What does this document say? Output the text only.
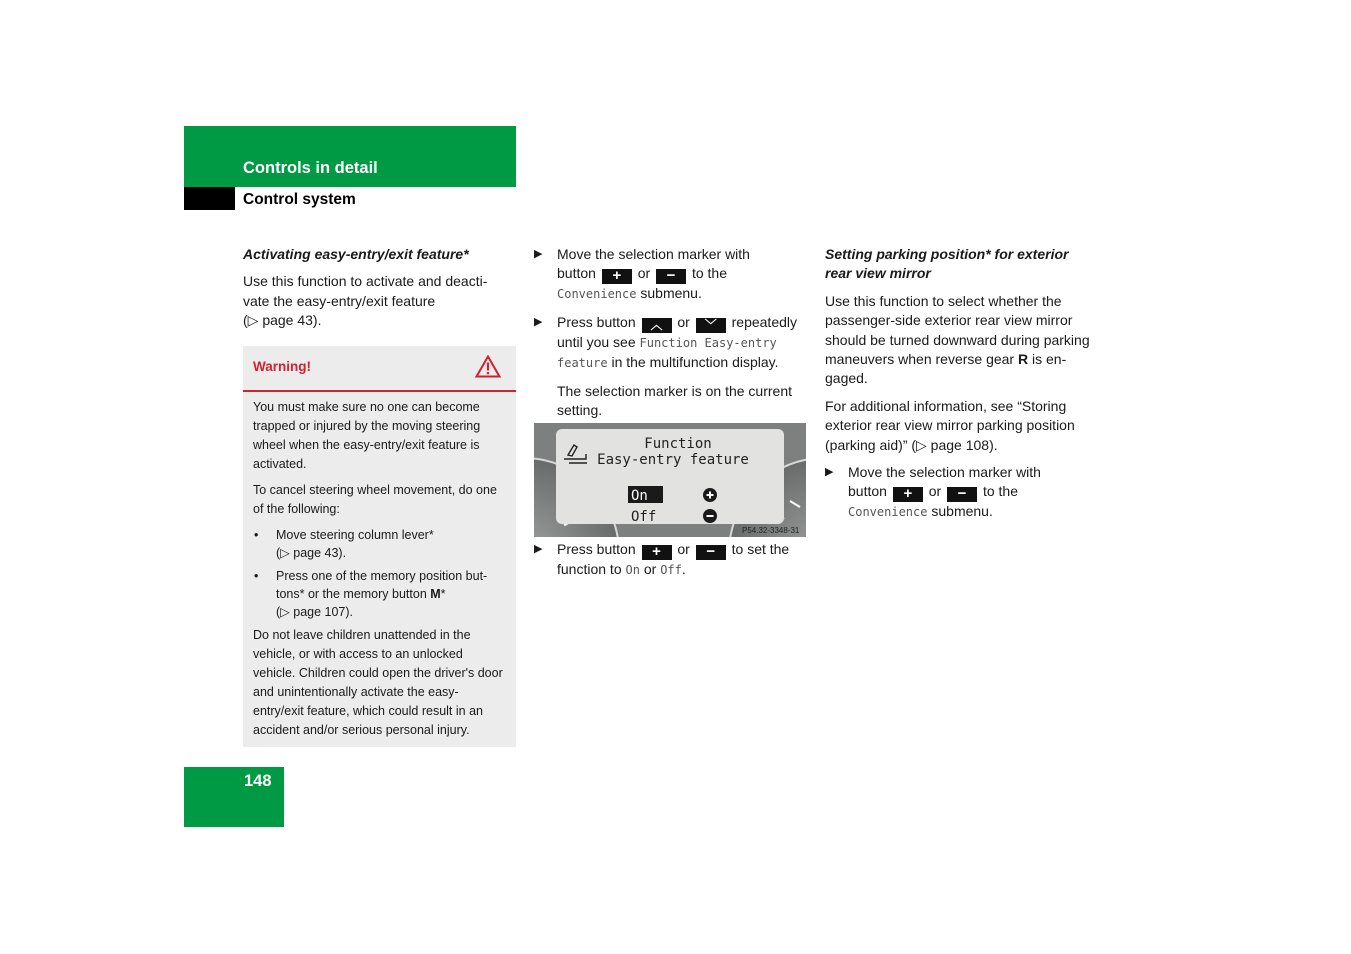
Controls in detail
Control system

Activating easy-entry/exit feature*

Use this function to activate and deacti-

vate the easy-entry/exit feature

(▷ page 43).

Warning!

You must make sure no one can become trapped or injured by the moving steering wheel when the easy-entry/exit feature is activated.

To cancel steering wheel movement, do one of the following:

• Move steering column lever*
(▷ page 43).
• Press one of the memory position but-
tons* or the memory button M*
(▷ page 107).

Do not leave children unattended in the vehicle, or with access to an unlocked vehicle. Children could open the driver's door and unintentionally activate the easy-entry/exit feature, which could result in an accident and/or serious personal injury.

▶ Move the selection marker with
button + or − to the
Convenience submenu.
▶ Press button ︿ or ﹀ repeatedly
until you see Function Easy-entry
feature in the multifunction display.

The selection marker is on the current setting.

Function
Easy-entry feature
On
Off
P54.32-3348-31
▶ Press button + or − to set the
function to On or Off.

Setting parking position* for exterior

rear view mirror

Use this function to select whether the passenger-side exterior rear view mirror should be turned downward during parking maneuvers when reverse gear R is en-gaged.

For additional information, see “Storing exterior rear view mirror parking position (parking aid)” (▷ page 108).

▶ Move the selection marker with
button + or − to the
Convenience submenu.
148
